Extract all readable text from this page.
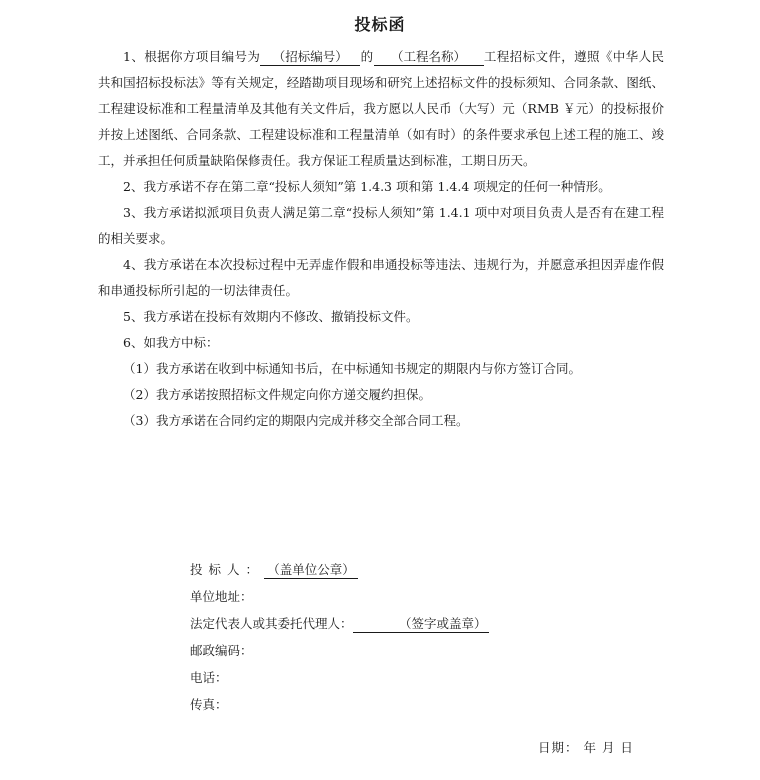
投标函

1、根据你方项目编号为 （招标编号） 的 （工程名称） 工程招标文件，遵照《中华人民共和国招标投标法》等有关规定，经踏勘项目现场和研究上述招标文件的投标须知、合同条款、图纸、工程建设标准和工程量清单及其他有关文件后，我方愿以人民币（大写）元（RMB ￥元）的投标报价并按上述图纸、合同条款、工程建设标准和工程量清单（如有时）的条件要求承包上述工程的施工、竣工，并承担任何质量缺陷保修责任。我方保证工程质量达到标准，工期日历天。

2、我方承诺不存在第二章“投标人须知”第 1.4.3 项和第 1.4.4 项规定的任何一种情形。

3、我方承诺拟派项目负责人满足第二章“投标人须知”第 1.4.1 项中对项目负责人是否有在建工程的相关要求。

4、我方承诺在本次投标过程中无弄虚作假和串通投标等违法、违规行为，并愿意承担因弄虚作假和串通投标所引起的一切法律责任。

5、我方承诺在投标有效期内不修改、撤销投标文件。

6、如我方中标：

（1）我方承诺在收到中标通知书后，在中标通知书规定的期限内与你方签订合同。

（2）我方承诺按照招标文件规定向你方递交履约担保。

（3）我方承诺在合同约定的期限内完成并移交全部合同工程。

投标人： （盖单位公章）
单位地址：
法定代表人或其委托代理人：	（签字或盖章）
邮政编码：
电话：
传真：
日期： 年 月 日
